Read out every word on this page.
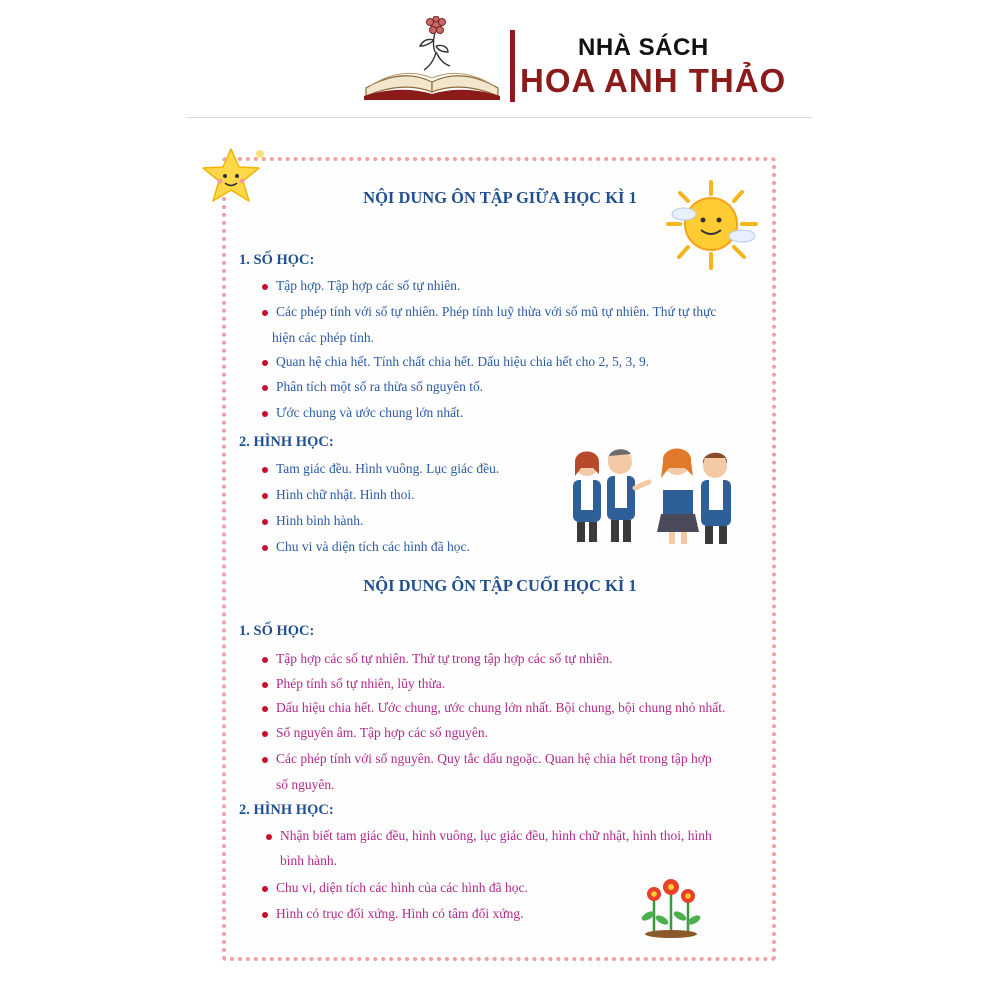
NHÀ SÁCH
HOA ANH THẢO
NỘI DUNG ÔN TẬP GIỮA HỌC KÌ 1
1. SỐ HỌC:
Tập hợp. Tập hợp các số tự nhiên.
Các phép tính với số tự nhiên. Phép tính luỹ thừa với số mũ tự nhiên. Thứ tự thực
hiện các phép tính.
Quan hệ chia hết. Tính chất chia hết. Dấu hiệu chia hết cho 2, 5, 3, 9.
Phân tích một số ra thừa số nguyên tố.
Ước chung và ước chung lớn nhất.
2. HÌNH HỌC:
Tam giác đều. Hình vuông. Lục giác đều.
Hình chữ nhật. Hình thoi.
Hình bình hành.
Chu vi và diện tích các hình đã học.
NỘI DUNG ÔN TẬP CUỐI HỌC KÌ 1
1. SỐ HỌC:
Tập hợp các số tự nhiên. Thứ tự trong tập hợp các số tự nhiên.
Phép tính số tự nhiên, lũy thừa.
Dấu hiệu chia hết. Ước chung, ước chung lớn nhất. Bội chung, bội chung nhỏ nhất.
Số nguyên âm. Tập hợp các số nguyên.
Các phép tính với số nguyên. Quy tắc dấu ngoặc. Quan hệ chia hết trong tập hợp
số nguyên.
2. HÌNH HỌC:
Nhận biết tam giác đều, hình vuông, lục giác đều, hình chữ nhật, hình thoi, hình
bình hành.
Chu vi, diện tích các hình của các hình đã học.
Hình có trục đối xứng. Hình có tâm đối xứng.
